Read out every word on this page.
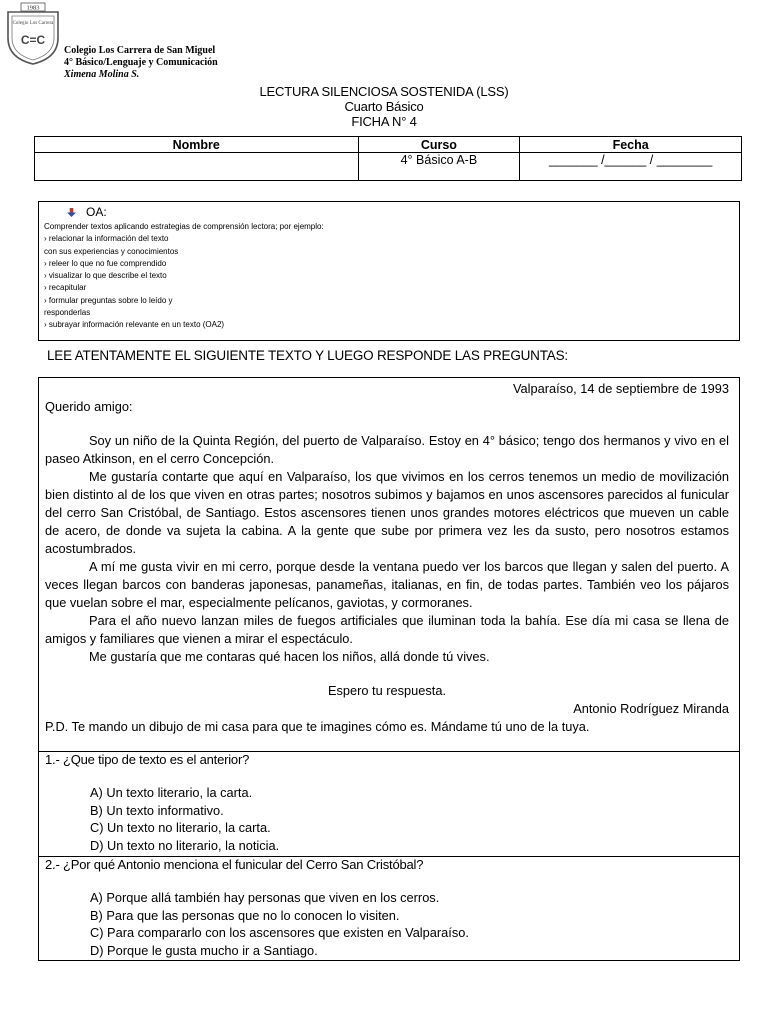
1983
Colegio Los Carrera
C=C
Colegio Los Carrera de San Miguel
4° Básico/Lenguaje y Comunicación
Ximena Molina S.
LECTURA SILENCIOSA SOSTENIDA (LSS)
Cuarto Básico
FICHA N° 4
Nombre	Curso	Fecha
	4° Básico A-B	_______ /______ / ________
OA:
Comprender textos aplicando estrategias de comprensión lectora; por ejemplo:
› relacionar la información del texto
con sus experiencias y conocimientos
› releer lo que no fue comprendido
› visualizar lo que describe el texto
› recapitular
› formular preguntas sobre lo leído y
responderlas
› subrayar información relevante en un texto (OA2)
LEE ATENTAMENTE EL SIGUIENTE TEXTO Y LUEGO RESPONDE LAS PREGUNTAS:

Valparaíso, 14 de septiembre de 1993

Querido amigo:

Soy un niño de la Quinta Región, del puerto de Valparaíso. Estoy en 4° básico; tengo dos hermanos y vivo en el paseo Atkinson, en el cerro Concepción.

Me gustaría contarte que aquí en Valparaíso, los que vivimos en los cerros tenemos un medio de movilización bien distinto al de los que viven en otras partes; nosotros subimos y bajamos en unos ascensores parecidos al funicular del cerro San Cristóbal, de Santiago. Estos ascensores tienen unos grandes motores eléctricos que mueven un cable de acero, de donde va sujeta la cabina. A la gente que sube por primera vez les da susto, pero nosotros estamos acostumbrados.

A mí me gusta vivir en mi cerro, porque desde la ventana puedo ver los barcos que llegan y salen del puerto. A veces llegan barcos con banderas japonesas, panameñas, italianas, en fin, de todas partes. También veo los pájaros que vuelan sobre el mar, especialmente pelícanos, gaviotas, y cormoranes.

Para el año nuevo lanzan miles de fuegos artificiales que iluminan toda la bahía. Ese día mi casa se llena de amigos y familiares que vienen a mirar el espectáculo.

Me gustaría que me contaras qué hacen los niños, allá donde tú vives.

Espero tu respuesta.

Antonio Rodríguez Miranda

P.D. Te mando un dibujo de mi casa para que te imagines cómo es. Mándame tú uno de la tuya.

1.- ¿Que tipo de texto es el anterior?
A) Un texto literario, la carta.
B) Un texto informativo.
C) Un texto no literario, la carta.
D) Un texto no literario, la noticia.
2.- ¿Por qué Antonio menciona el funicular del Cerro San Cristóbal?
A) Porque allá también hay personas que viven en los cerros.
B) Para que las personas que no lo conocen lo visiten.
C) Para compararlo con los ascensores que existen en Valparaíso.
D) Porque le gusta mucho ir a Santiago.
